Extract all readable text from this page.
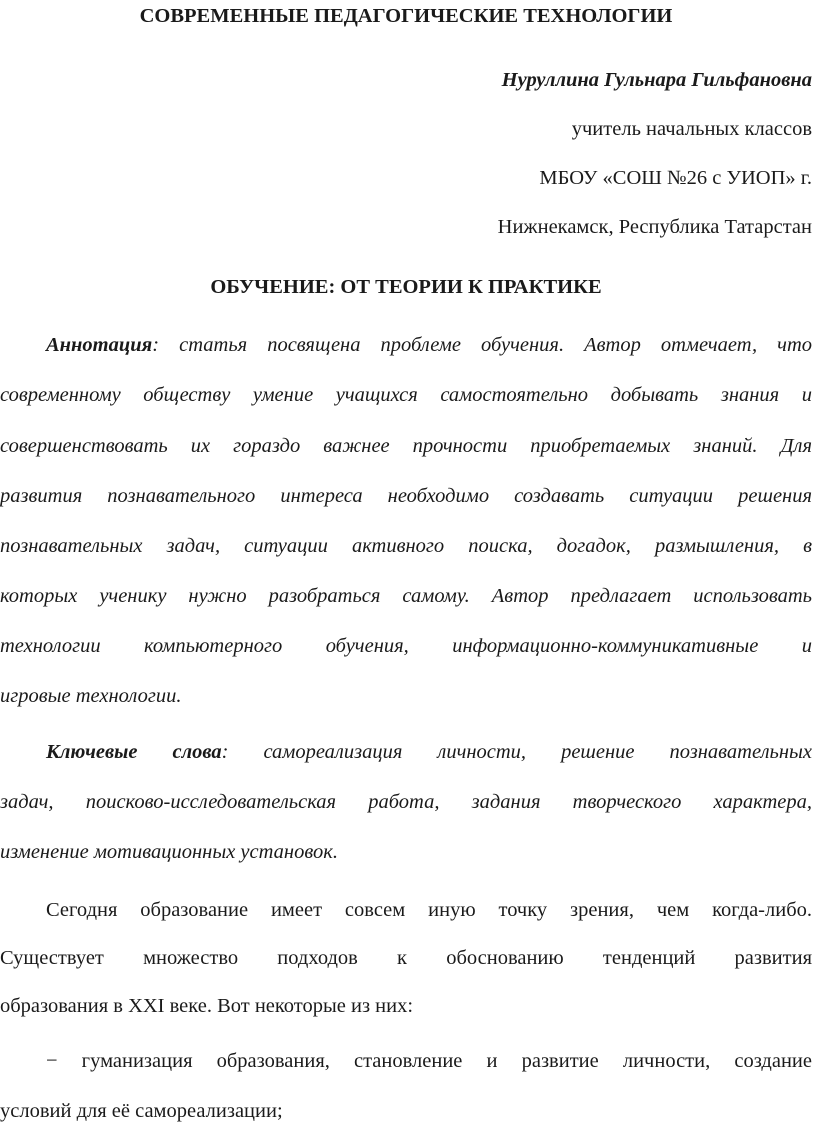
СОВРЕМЕННЫЕ ПЕДАГОГИЧЕСКИЕ ТЕХНОЛОГИИ
Нуруллина Гульнара Гильфановна
учитель начальных классов
МБОУ «СОШ №26 с УИОП» г.
Нижнекамск, Республика Татарстан
ОБУЧЕНИЕ: ОТ ТЕОРИИ К ПРАКТИКЕ
Аннотация: статья посвящена проблеме обучения. Автор отмечает, что
современному обществу умение учащихся самостоятельно добывать знания и
совершенствовать их гораздо важнее прочности приобретаемых знаний. Для
развития познавательного интереса необходимо создавать ситуации решения
познавательных задач, ситуации активного поиска, догадок, размышления, в
которых ученику нужно разобраться самому. Автор предлагает использовать
технологии компьютерного обучения, информационно-коммуникативные и
игровые технологии.
Ключевые слова: самореализация личности, решение познавательных
задач, поисково-исследовательская работа, задания творческого характера,
изменение мотивационных установок.
Сегодня образование имеет совсем иную точку зрения, чем когда-либо.
Существует множество подходов к обоснованию тенденций развития
образования в XXI веке. Вот некоторые из них:
− гуманизация образования, становление и развитие личности, создание
условий для её самореализации;
